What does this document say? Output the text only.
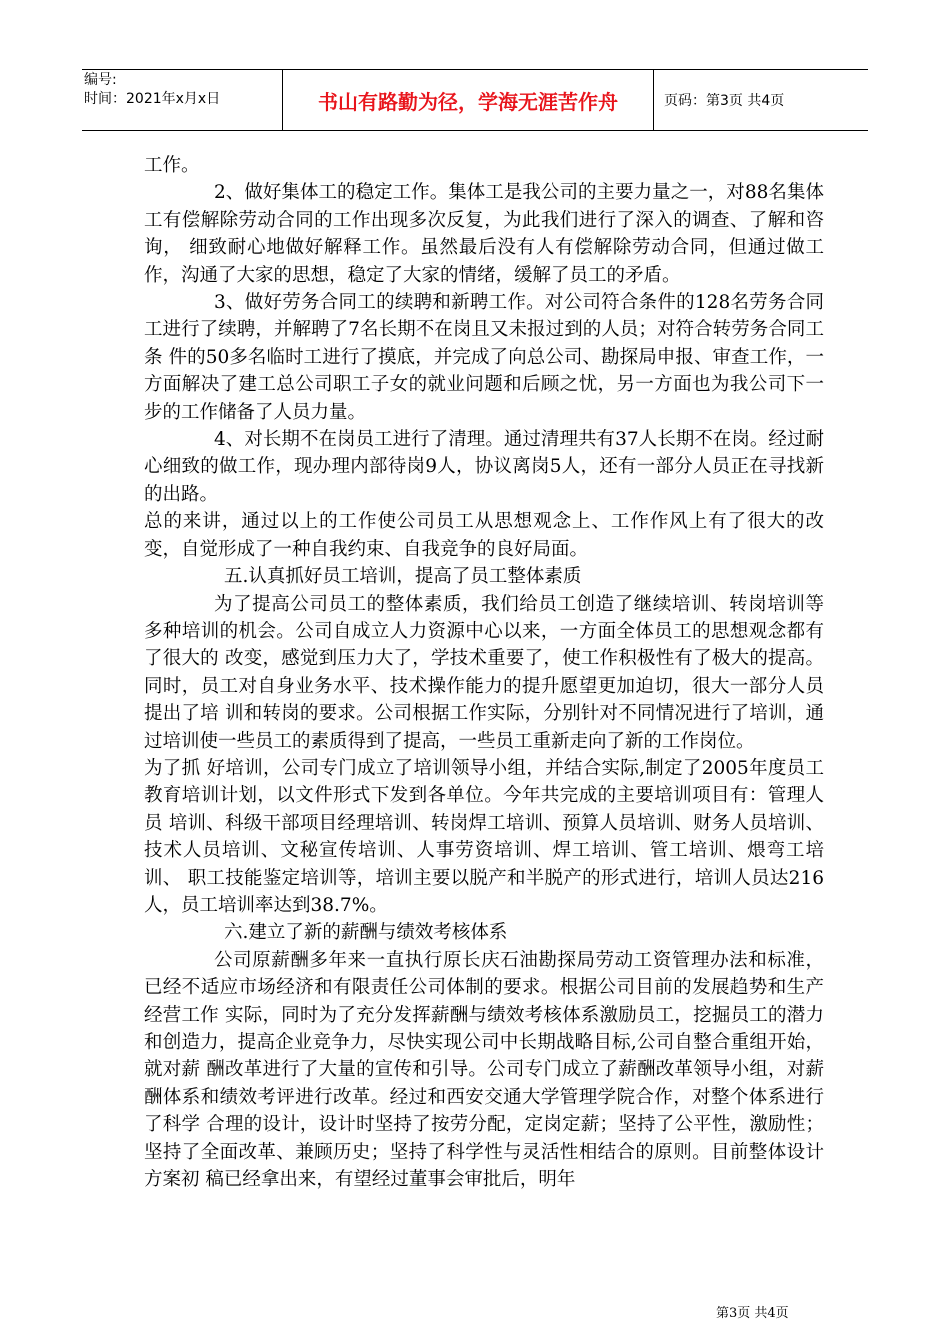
编号:
时间：2021年x月x日	书山有路勤为径，学海无涯苦作舟	页码：第3页 共4页

工作。

2、做好集体工的稳定工作。集体工是我公司的主要力量之一，对88名集体工有偿解除劳动合同的工作出现多次反复，为此我们进行了深入的调查、了解和咨询， 细致耐心地做好解释工作。虽然最后没有人有偿解除劳动合同，但通过做工作，沟通了大家的思想，稳定了大家的情绪，缓解了员工的矛盾。

3、做好劳务合同工的续聘和新聘工作。对公司符合条件的128名劳务合同工进行了续聘，并解聘了7名长期不在岗且又未报过到的人员；对符合转劳务合同工条 件的50多名临时工进行了摸底，并完成了向总公司、勘探局申报、审查工作，一方面解决了建工总公司职工子女的就业问题和后顾之忧，另一方面也为我公司下一 步的工作储备了人员力量。

4、对长期不在岗员工进行了清理。通过清理共有37人长期不在岗。经过耐心细致的做工作，现办理内部待岗9人，协议离岗5人，还有一部分人员正在寻找新的出路。

总的来讲，通过以上的工作使公司员工从思想观念上、工作作风上有了很大的改变，自觉形成了一种自我约束、自我竞争的良好局面。

五.认真抓好员工培训，提高了员工整体素质

为了提高公司员工的整体素质，我们给员工创造了继续培训、转岗培训等多种培训的机会。公司自成立人力资源中心以来，一方面全体员工的思想观念都有了很大的 改变，感觉到压力大了，学技术重要了，使工作积极性有了极大的提高。同时，员工对自身业务水平、技术操作能力的提升愿望更加迫切，很大一部分人员提出了培 训和转岗的要求。公司根据工作实际，分别针对不同情况进行了培训，通过培训使一些员工的素质得到了提高，一些员工重新走向了新的工作岗位。

为了抓 好培训，公司专门成立了培训领导小组，并结合实际,制定了2005年度员工教育培训计划，以文件形式下发到各单位。今年共完成的主要培训项目有：管理人员 培训、科级干部项目经理培训、转岗焊工培训、预算人员培训、财务人员培训、技术人员培训、文秘宣传培训、人事劳资培训、焊工培训、管工培训、煨弯工培训、 职工技能鉴定培训等，培训主要以脱产和半脱产的形式进行，培训人员达216人，员工培训率达到38.7%。

六.建立了新的薪酬与绩效考核体系

公司原薪酬多年来一直执行原长庆石油勘探局劳动工资管理办法和标准，已经不适应市场经济和有限责任公司体制的要求。根据公司目前的发展趋势和生产经营工作 实际，同时为了充分发挥薪酬与绩效考核体系激励员工，挖掘员工的潜力和创造力，提高企业竞争力，尽快实现公司中长期战略目标,公司自整合重组开始，就对薪 酬改革进行了大量的宣传和引导。公司专门成立了薪酬改革领导小组，对薪酬体系和绩效考评进行改革。经过和西安交通大学管理学院合作，对整个体系进行了科学 合理的设计，设计时坚持了按劳分配，定岗定薪；坚持了公平性，激励性；坚持了全面改革、兼顾历史；坚持了科学性与灵活性相结合的原则。目前整体设计方案初 稿已经拿出来，有望经过董事会审批后，明年

第3页 共4页
